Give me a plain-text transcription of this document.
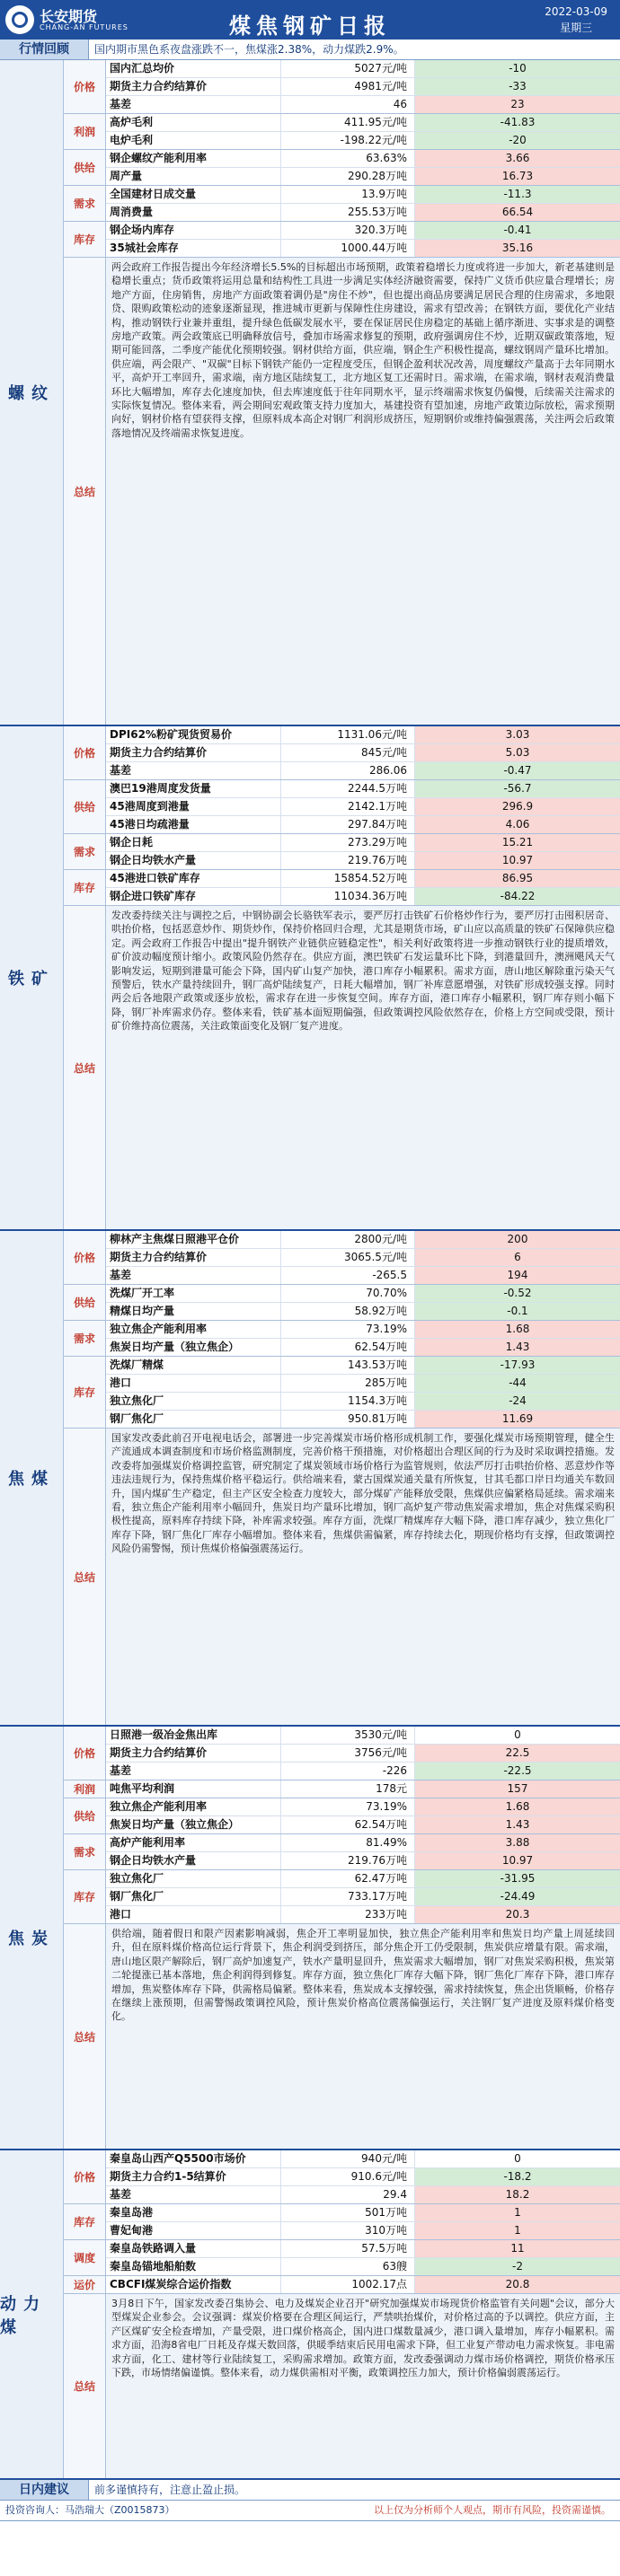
长安期货
CHANG-AN FUTURES	煤焦钢矿日报
2022-03-09
星期三
行情回顾	国内期市黑色系夜盘涨跌不一，焦煤涨2.38%，动力煤跌2.9%。
螺纹
价格
国内汇总均价	5027元/吨	-10
期货主力合约结算价	4981元/吨	-33
基差	46	23
利润
高炉毛利	411.95元/吨	-41.83
电炉毛利	-198.22元/吨	-20
供给
钢企螺纹产能利用率	63.63%	3.66
周产量	290.28万吨	16.73
需求
全国建材日成交量	13.9万吨	-11.3
周消费量	255.53万吨	66.54
库存
钢企场内库存	320.3万吨	-0.41
35城社会库存	1000.44万吨	35.16
总结
两会政府工作报告提出今年经济增长5.5%的目标超出市场预期，政策着稳增长力度或将进一步加大，新老基建则是稳增长重点；货币政策将运用总量和结构性工具进一步满足实体经济融资需要，保持广义货币供应量合理增长；房地产方面，住房销售，房地产方面政策着调仍是"房住不炒"，但也提出商品房要满足居民合理的住房需求，多地限贷、限购政策松动的迹象逐渐显现，推进城市更新与保障性住房建设，需求有望改善；在钢铁方面，要优化产业结构，推动钢铁行业兼并重组，提升绿色低碳发展水平，要在保证居民住房稳定的基础上循序渐进、实事求是的调整房地产政策。两会政策底已明确释放信号，叠加市场需求修复的预期，政府强调房住不炒，近期双碳政策落地，短期可能回落，二季度产能优化预期较强。钢材供给方面，供应端，钢企生产积极性提高，螺纹钢周产量环比增加。供应端，两会限产、"双碳"目标下钢铁产能仍一定程度受压，但钢企盈利状况改善，周度螺纹产量高于去年同期水平，高炉开工率回升，需求端，南方地区陆续复工，北方地区复工还需时日。需求端，在需求端，钢材表观消费量环比大幅增加，库存去化速度加快，但去库速度低于往年同期水平，显示终端需求恢复仍偏慢，后续需关注需求的实际恢复情况。整体来看，两会期间宏观政策支持力度加大，基建投资有望加速，房地产政策边际放松，需求预期向好，钢材价格有望获得支撑，但原料成本高企对钢厂利润形成挤压，短期钢价或维持偏强震荡，关注两会后政策落地情况及终端需求恢复进度。
铁矿
价格
DPI62%粉矿现货贸易价	1131.06元/吨	3.03
期货主力合约结算价	845元/吨	5.03
基差	286.06	-0.47
供给
澳巴19港周度发货量	2244.5万吨	-56.7
45港周度到港量	2142.1万吨	296.9
45港日均疏港量	297.84万吨	4.06
需求
钢企日耗	273.29万吨	15.21
钢企日均铁水产量	219.76万吨	10.97
库存
45港进口铁矿库存	15854.52万吨	86.95
钢企进口铁矿库存	11034.36万吨	-84.22
总结
发改委持续关注与调控之后，中钢协副会长骆铁军表示，要严厉打击铁矿石价格炒作行为，要严厉打击囤积居奇、哄抬价格，包括恶意炒作、期货炒作，保持价格回归合理，尤其是期货市场，矿山应以高质量的铁矿石保障供应稳定。两会政府工作报告中提出"提升钢铁产业链供应链稳定性"，相关利好政策将进一步推动钢铁行业的提质增效，矿价波动幅度预计缩小。政策风险仍然存在。供应方面，澳巴铁矿石发运量环比下降，到港量回升，澳洲飓风天气影响发运，短期到港量可能会下降，国内矿山复产加快，港口库存小幅累积。需求方面，唐山地区解除重污染天气预警后，铁水产量持续回升，钢厂高炉陆续复产，日耗大幅增加，钢厂补库意愿增强，对铁矿形成较强支撑。同时两会后各地限产政策或逐步放松，需求存在进一步恢复空间。库存方面，港口库存小幅累积，钢厂库存则小幅下降，钢厂补库需求仍存。整体来看，铁矿基本面短期偏强，但政策调控风险依然存在，价格上方空间或受限，预计矿价维持高位震荡，关注政策面变化及钢厂复产进度。
焦煤
价格
柳林产主焦煤日照港平仓价	2800元/吨	200
期货主力合约结算价	3065.5元/吨	6
基差	-265.5	194
供给
洗煤厂开工率	70.70%	-0.52
精煤日均产量	58.92万吨	-0.1
需求
独立焦企产能利用率	73.19%	1.68
焦炭日均产量（独立焦企）	62.54万吨	1.43
库存
洗煤厂精煤	143.53万吨	-17.93
港口	285万吨	-44
独立焦化厂	1154.3万吨	-24
钢厂焦化厂	950.81万吨	11.69
总结
国家发改委此前召开电视电话会，部署进一步完善煤炭市场价格形成机制工作，要强化煤炭市场预期管理，健全生产流通成本调查制度和市场价格监测制度，完善价格干预措施，对价格超出合理区间的行为及时采取调控措施。发改委将加强煤炭价格调控监管，研究制定了煤炭领域市场价格行为监管规则，依法严厉打击哄抬价格、恶意炒作等违法违规行为，保持焦煤价格平稳运行。供给端来看，蒙古国煤炭通关量有所恢复，甘其毛都口岸日均通关车数回升，国内煤矿生产稳定，但主产区安全检查力度较大，部分煤矿产能释放受限，焦煤供应偏紧格局延续。需求端来看，独立焦企产能利用率小幅回升，焦炭日均产量环比增加，钢厂高炉复产带动焦炭需求增加，焦企对焦煤采购积极性提高，原料库存持续下降，补库需求较强。库存方面，洗煤厂精煤库存大幅下降，港口库存减少，独立焦化厂库存下降，钢厂焦化厂库存小幅增加。整体来看，焦煤供需偏紧，库存持续去化，期现价格均有支撑，但政策调控风险仍需警惕，预计焦煤价格偏强震荡运行。
焦炭
价格
日照港一级冶金焦出库	3530元/吨	0
期货主力合约结算价	3756元/吨	22.5
基差	-226	-22.5
利润	吨焦平均利润	178元	157
供给
独立焦企产能利用率	73.19%	1.68
焦炭日均产量（独立焦企）	62.54万吨	1.43
需求
高炉产能利用率	81.49%	3.88
钢企日均铁水产量	219.76万吨	10.97
库存
独立焦化厂	62.47万吨	-31.95
钢厂焦化厂	733.17万吨	-24.49
港口	233万吨	20.3
总结
供给端，随着假日和限产因素影响减弱，焦企开工率明显加快，独立焦企产能利用率和焦炭日均产量上周延续回升，但在原料煤价格高位运行背景下，焦企利润受到挤压，部分焦企开工仍受限制，焦炭供应增量有限。需求端，唐山地区限产解除后，钢厂高炉加速复产，铁水产量明显回升，焦炭需求大幅增加，钢厂对焦炭采购积极，焦炭第二轮提涨已基本落地，焦企利润得到修复。库存方面，独立焦化厂库存大幅下降，钢厂焦化厂库存下降，港口库存增加，焦炭整体库存下降，供需格局偏紧。整体来看，焦炭成本支撑较强，需求持续恢复，焦企出货顺畅，价格存在继续上涨预期，但需警惕政策调控风险，预计焦炭价格高位震荡偏强运行，关注钢厂复产进度及原料煤价格变化。
动力煤
价格
秦皇岛山西产Q5500市场价	940元/吨	0
期货主力合约1-5结算价	910.6元/吨	-18.2
基差	29.4	18.2
库存
秦皇岛港	501万吨	1
曹妃甸港	310万吨	1
调度
秦皇岛铁路调入量	57.5万吨	11
秦皇岛锚地船舶数	63艘	-2
运价	CBCFI煤炭综合运价指数	1002.17点	20.8
总结
3月8日下午，国家发改委召集协会、电力及煤炭企业召开"研究加强煤炭市场现货价格监管有关问题"会议，部分大型煤炭企业参会。会议强调：煤炭价格要在合理区间运行，严禁哄抬煤价，对价格过高的予以调控。供应方面，主产区煤矿安全检查增加，产量受限，进口煤价格高企，国内进口煤数量减少，港口调入量增加，库存小幅累积。需求方面，沿海8省电厂日耗及存煤天数回落，供暖季结束后民用电需求下降，但工业复产带动电力需求恢复。非电需求方面，化工、建材等行业陆续复工，采购需求增加。政策方面，发改委强调动力煤市场价格调控，期货价格承压下跌，市场情绪偏谨慎。整体来看，动力煤供需相对平衡，政策调控压力加大，预计价格偏弱震荡运行。
日内建议	前多谨慎持有，注意止盈止损。
投资咨询人：马浩瑞大（Z0015873）	以上仅为分析师个人观点，期市有风险，投资需谨慎。
